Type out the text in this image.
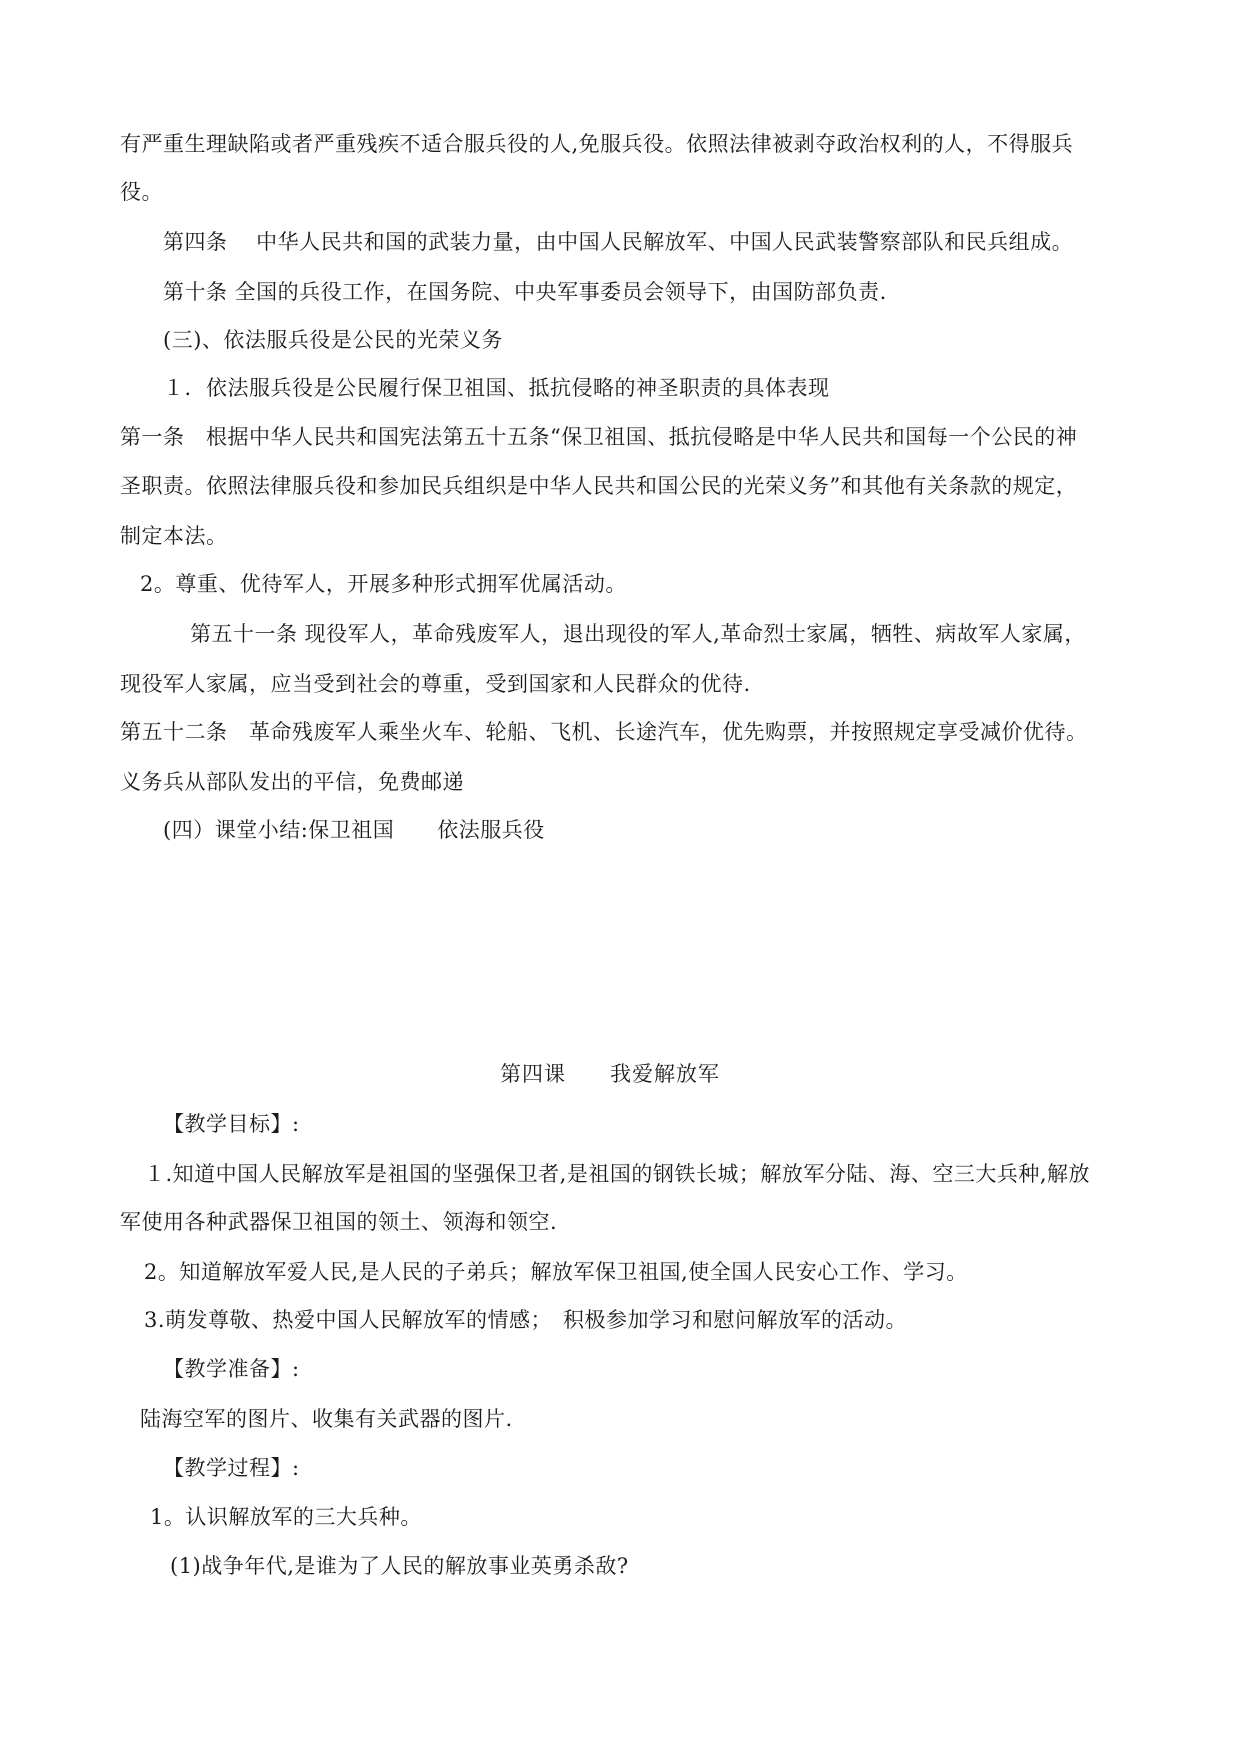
有严重生理缺陷或者严重残疾不适合服兵役的人,免服兵役。依照法律被剥夺政治权利的人，不得服兵
役。
第四条　 中华人民共和国的武装力量，由中国人民解放军、中国人民武装警察部队和民兵组成。
第十条 全国的兵役工作，在国务院、中央军事委员会领导下，由国防部负责.
(三)、依法服兵役是公民的光荣义务
１．依法服兵役是公民履行保卫祖国、抵抗侵略的神圣职责的具体表现
第一条　根据中华人民共和国宪法第五十五条“保卫祖国、抵抗侵略是中华人民共和国每一个公民的神
圣职责。依照法律服兵役和参加民兵组织是中华人民共和国公民的光荣义务”和其他有关条款的规定，
制定本法。
2。尊重、优待军人，开展多种形式拥军优属活动。
第五十一条 现役军人，革命残废军人，退出现役的军人,革命烈士家属，牺牲、病故军人家属，
现役军人家属，应当受到社会的尊重，受到国家和人民群众的优待.
第五十二条　革命残废军人乘坐火车、轮船、飞机、长途汽车，优先购票，并按照规定享受减价优待。
义务兵从部队发出的平信，免费邮递
(四）课堂小结:保卫祖国　　依法服兵役
第四课　　我爱解放军
【教学目标】:
１.知道中国人民解放军是祖国的坚强保卫者,是祖国的钢铁长城；解放军分陆、海、空三大兵种,解放
军使用各种武器保卫祖国的领土、领海和领空.
2。知道解放军爱人民,是人民的子弟兵；解放军保卫祖国,使全国人民安心工作、学习。
3.萌发尊敬、热爱中国人民解放军的情感；　积极参加学习和慰问解放军的活动。
【教学准备】:
陆海空军的图片、收集有关武器的图片.
【教学过程】:
1。认识解放军的三大兵种。
(1)战争年代,是谁为了人民的解放事业英勇杀敌?
